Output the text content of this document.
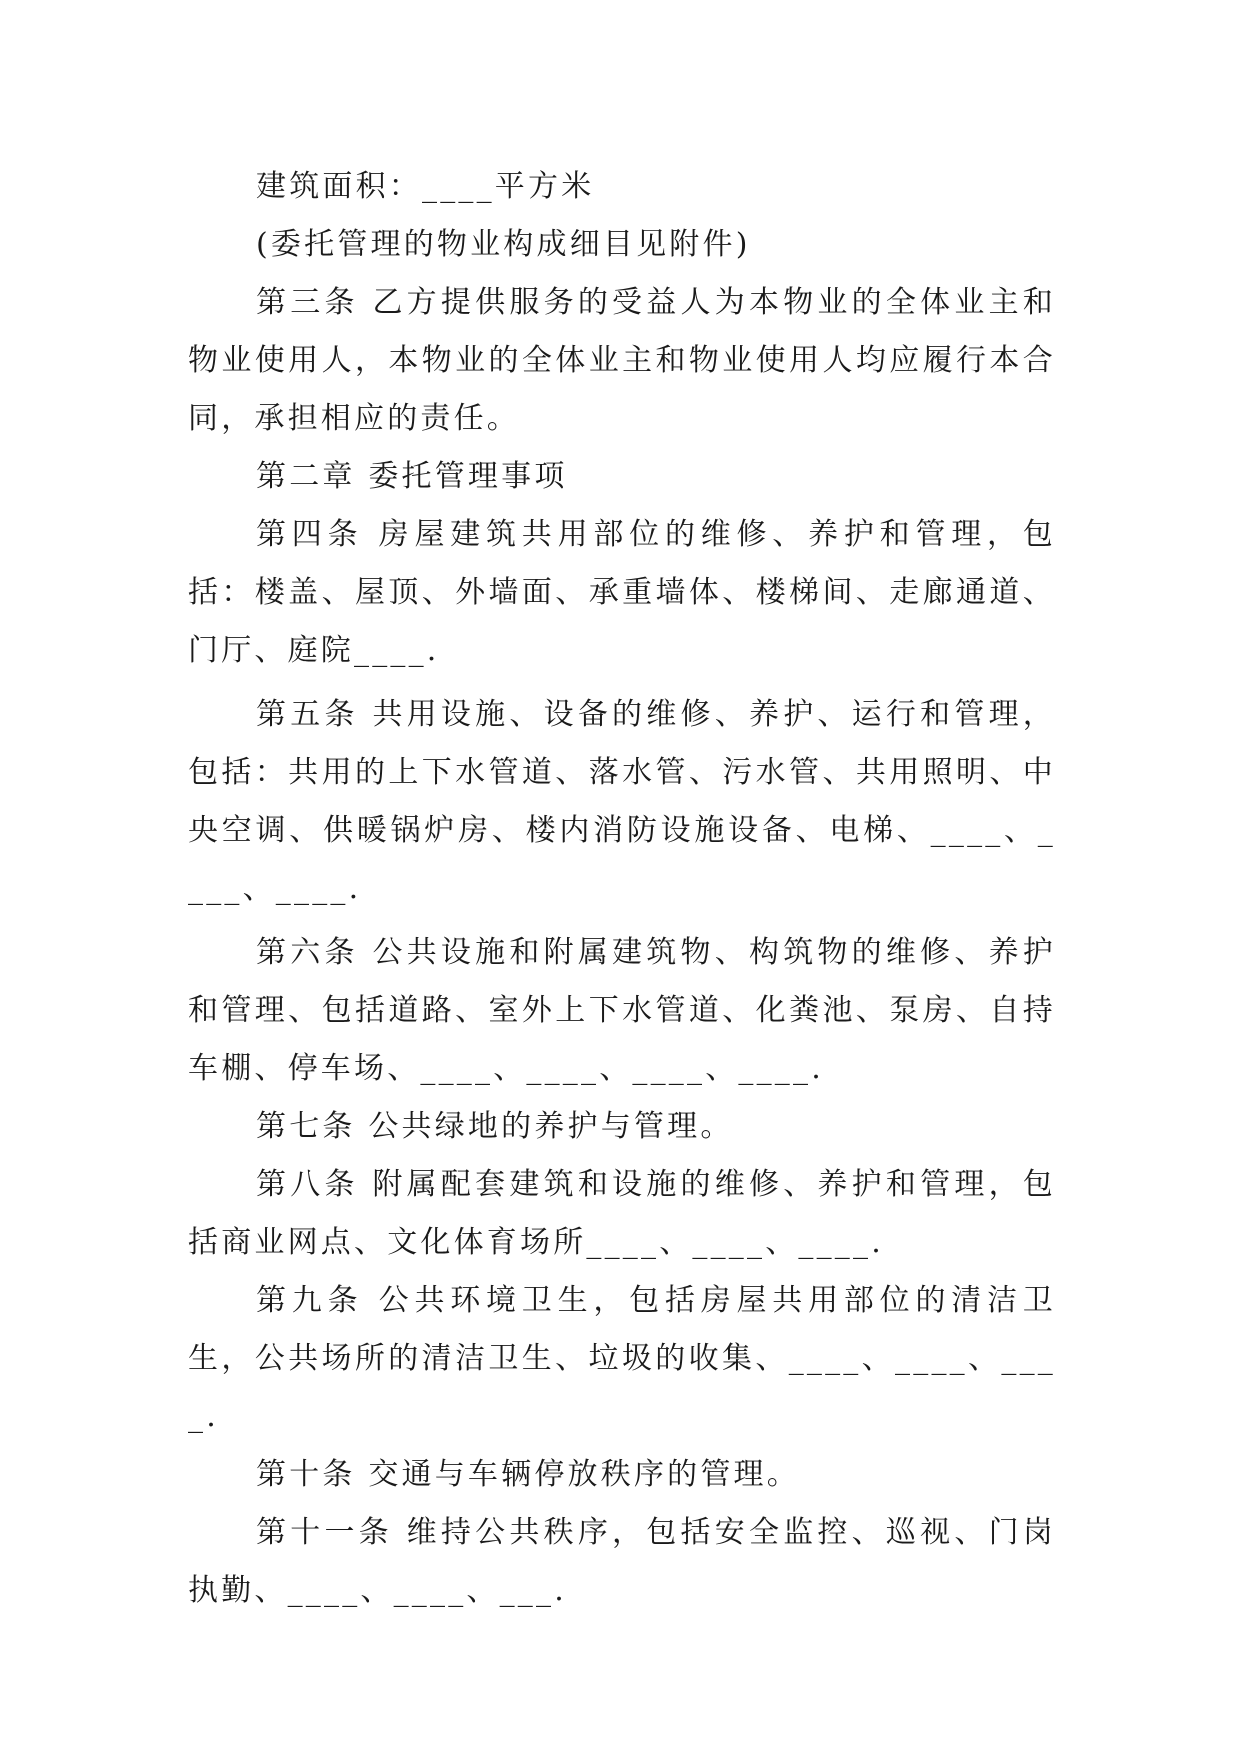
建筑面积：____平方米

(委托管理的物业构成细目见附件)

第三条 乙方提供服务的受益人为本物业的全体业主和物业使用人，本物业的全体业主和物业使用人均应履行本合同，承担相应的责任。

第二章 委托管理事项

第四条 房屋建筑共用部位的维修、养护和管理，包括：楼盖、屋顶、外墙面、承重墙体、楼梯间、走廊通道、门厅、庭院____.

第五条 共用设施、设备的维修、养护、运行和管理，包括：共用的上下水管道、落水管、污水管、共用照明、中央空调、供暖锅炉房、楼内消防设施设备、电梯、____、____、____.

第六条 公共设施和附属建筑物、构筑物的维修、养护和管理、包括道路、室外上下水管道、化粪池、泵房、自持车棚、停车场、____、____、____、____.

第七条 公共绿地的养护与管理。

第八条 附属配套建筑和设施的维修、养护和管理，包括商业网点、文化体育场所____、____、____.

第九条 公共环境卫生，包括房屋共用部位的清洁卫生，公共场所的清洁卫生、垃圾的收集、____、____、____.

第十条 交通与车辆停放秩序的管理。

第十一条 维持公共秩序，包括安全监控、巡视、门岗执勤、____、____、___.
